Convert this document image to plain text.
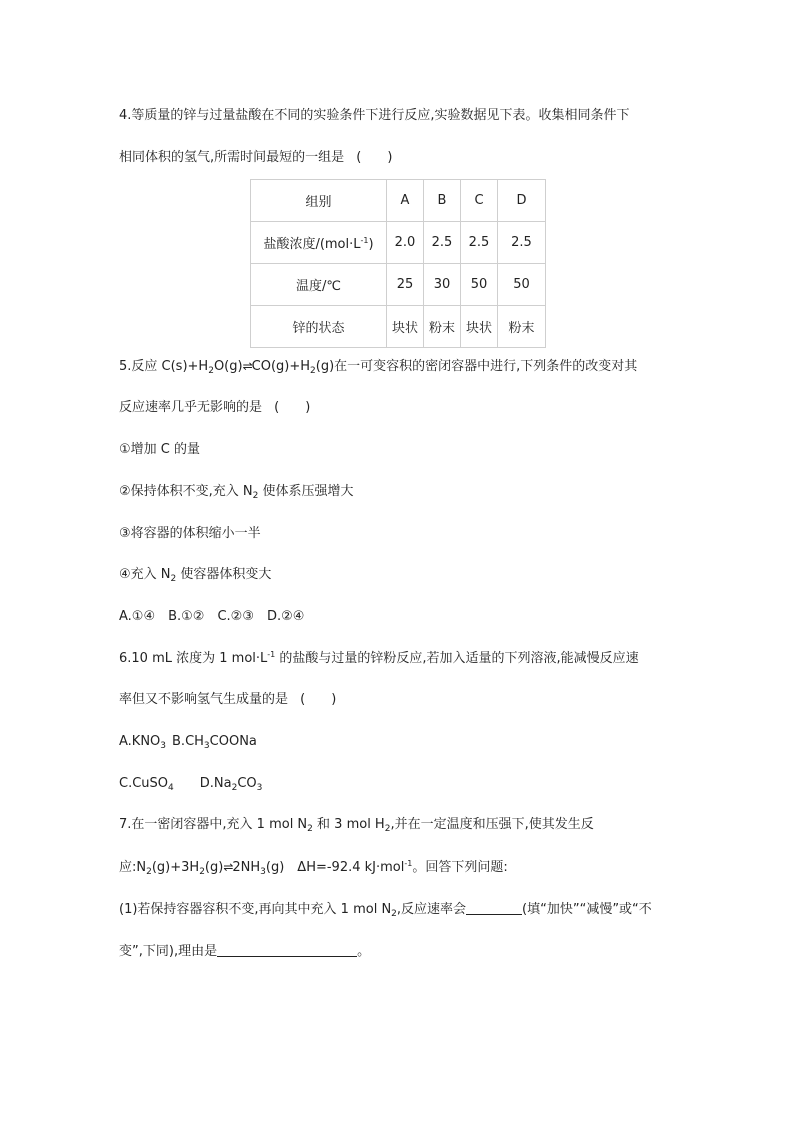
4.等质量的锌与过量盐酸在不同的实验条件下进行反应,实验数据见下表。收集相同条件下
相同体积的氢气,所需时间最短的一组是 (　　)
组别	A	B	C	D
盐酸浓度$/(mol\cdot L^{-1})$	2.0	2.5	2.5	2.5
温度/℃	25	30	50	50
锌的状态	块状	粉末	块状	粉末
5.反应 $C(s)+H_2O(g)\rightleftharpoons CO(g)+H_2(g)$在一可变容积的密闭容器中进行,下列条件的改变对其
反应速率几乎无影响的是 (　　)
①增加 C 的量
②保持体积不变,充入 $N_2$ 使体系压强增大
③将容器的体积缩小一半
④充入 $N_2$ 使容器体积变大
A.①④　B.①②　C.②③　D.②④
6.10 mL 浓度为 1 $mol\cdot L^{-1}$ 的盐酸与过量的锌粉反应,若加入适量的下列溶液,能减慢反应速
率但又不影响氢气生成量的是 (　　)
$A.KNO_3$ $B.CH_3COONa$
C.CuSO$_4$ $D.Na_2CO_3$
7.在一密闭容器中,充入 1 mol $N_2$ 和 3 mol $H_2$,并在一定温度和压强下,使其发生反
应$:N_2(g)+3H_2(g)\rightleftharpoons 2NH_3(g)$　ΔH=-92.4 kJ·mol$^{-1}$。回答下列问题:
(1)若保持容器容积不变,再向其中充入 1 mol $N_2$,反应速率会	(填“加快”“减慢”或“不
变”,下同),理由是	。
